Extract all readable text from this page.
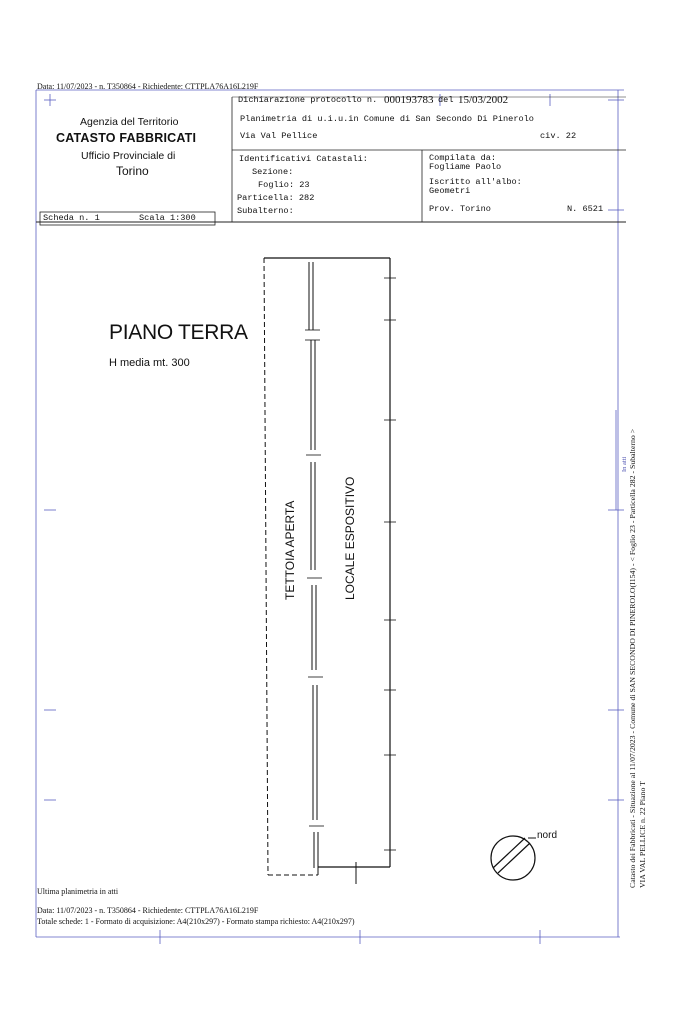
Data: 11/07/2023 - n. T350864 - Richiedente: CTTPLA76A16L219F
Agenzia del Territorio
CATASTO FABBRICATI
Ufficio Provinciale di
Torino
Dichiarazione protocollo n. 000193783 del 15/03/2002
Planimetria di u.i.u.in Comune di San Secondo Di Pinerolo
Via Val Pellice	civ. 22
Identificativi Catastali:
Sezione:
Foglio: 23
Particella: 282
Subalterno:
Compilata da:
Fogliame Paolo
Iscritto all'albo:
Geometri
Prov. Torino	N. 6521
Scheda n. 1	Scala 1:300
PIANO TERRA
H media mt. 300
TETTOIA APERTA	LOCALE ESPOSITIVO
nord	Catasto dei Fabbricati - Situazione al 11/07/2023 - Comune di SAN SECONDO DI PINEROLO(I154) - < Foglio 23 - Particella 282 - Subalterno > VIA VAL PELLICE n. 22 Piano T
In atti
Ultima planimetria in atti
Data: 11/07/2023 - n. T350864 - Richiedente: CTTPLA76A16L219F
Totale schede: 1 - Formato di acquisizione: A4(210x297) - Formato stampa richiesto: A4(210x297)
